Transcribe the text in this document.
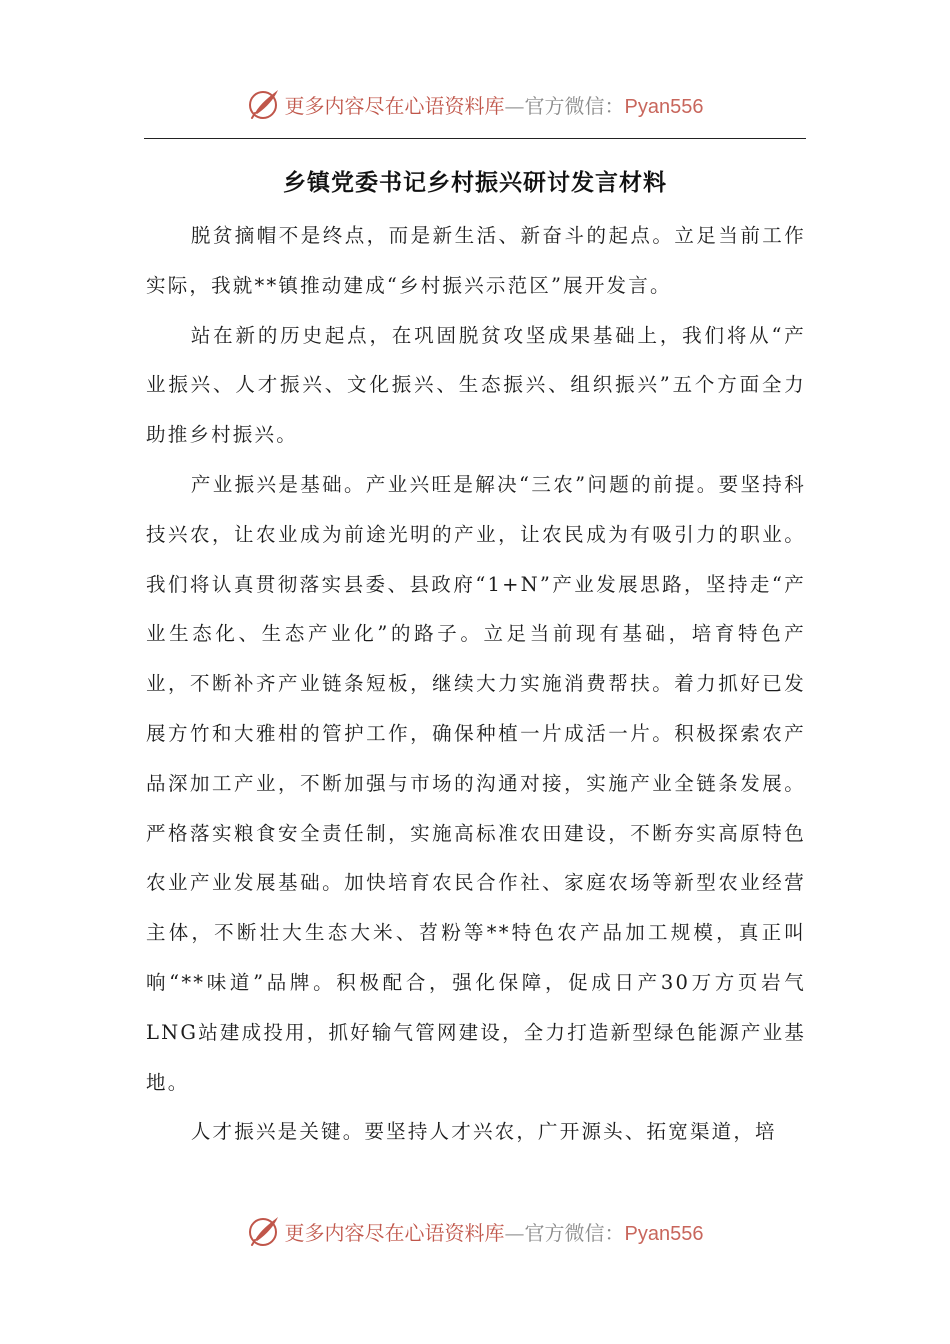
更多内容尽在心语资料库—官方微信：Pyan556
乡镇党委书记乡村振兴研讨发言材料

脱贫摘帽不是终点，而是新生活、新奋斗的起点。立足当前工作实际，我就**镇推动建成“乡村振兴示范区”展开发言。

站在新的历史起点，在巩固脱贫攻坚成果基础上，我们将从“产业振兴、人才振兴、文化振兴、生态振兴、组织振兴”五个方面全力助推乡村振兴。

产业振兴是基础。产业兴旺是解决“三农”问题的前提。要坚持科技兴农，让农业成为前途光明的产业，让农民成为有吸引力的职业。我们将认真贯彻落实县委、县政府“1+N”产业发展思路，坚持走“产业生态化、生态产业化”的路子。立足当前现有基础，培育特色产业，不断补齐产业链条短板，继续大力实施消费帮扶。着力抓好已发展方竹和大雅柑的管护工作，确保种植一片成活一片。积极探索农产品深加工产业，不断加强与市场的沟通对接，实施产业全链条发展。严格落实粮食安全责任制，实施高标准农田建设，不断夯实高原特色农业产业发展基础。加快培育农民合作社、家庭农场等新型农业经营主体，不断壮大生态大米、苕粉等**特色农产品加工规模，真正叫响“**味道”品牌。积极配合，强化保障，促成日产30万方页岩气LNG站建成投用，抓好输气管网建设，全力打造新型绿色能源产业基地。

人才振兴是关键。要坚持人才兴农，广开源头、拓宽渠道，培

更多内容尽在心语资料库—官方微信：Pyan556
